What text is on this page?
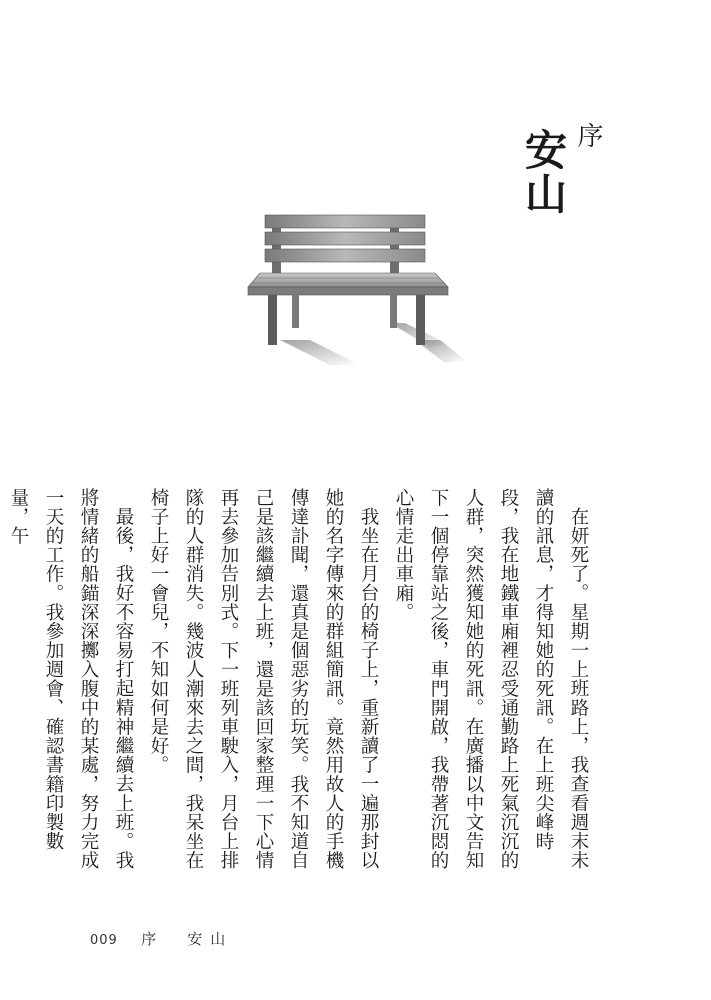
序
安山

在妍死了。星期一上班路上，我查看週末未讀的訊息，才得知她的死訊。在上班尖峰時段，我在地鐵車廂裡忍受通勤路上死氣沉沉的人群，突然獲知她的死訊。在廣播以中文告知下一個停靠站之後，車門開啟，我帶著沉悶的心情走出車廂。

我坐在月台的椅子上，重新讀了一遍那封以她的名字傳來的群組簡訊。竟然用故人的手機傳達訃聞，還真是個惡劣的玩笑。我不知道自己是該繼續去上班，還是該回家整理一下心情再去參加告別式。下一班列車駛入，月台上排隊的人群消失。幾波人潮來去之間，我呆坐在椅子上好一會兒，不知如何是好。

最後，我好不容易打起精神繼續去上班。我將情緒的船錨深深擲入腹中的某處，努力完成一天的工作。我參加週會、確認書籍印製數量，午

009 序　安山
